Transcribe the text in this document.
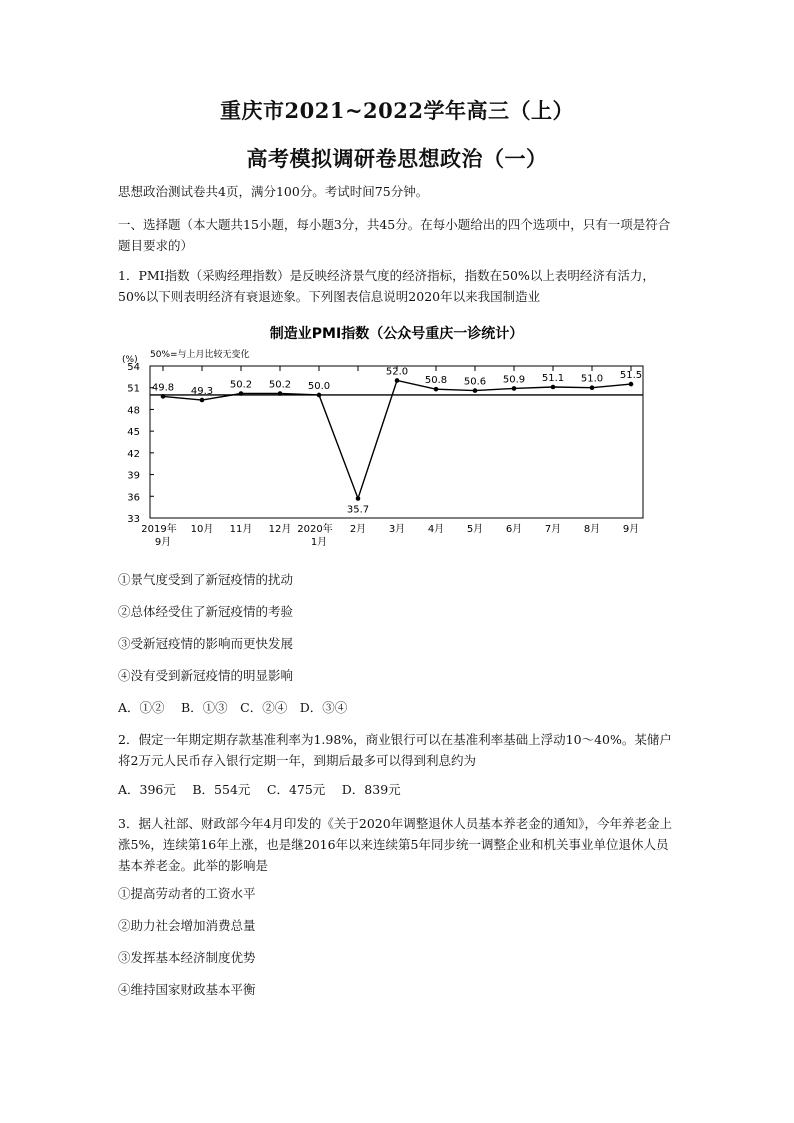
重庆市2021~2022学年高三（上）
高考模拟调研卷思想政治（一）
思想政治测试卷共4页，满分100分。考试时间75分钟。
一、选择题（本大题共15小题，每小题3分，共45分。在每小题给出的四个选项中，只有一项是符合题目要求的）
1．PMI指数（采购经理指数）是反映经济景气度的经济指标，指数在50%以上表明经济有活力，50%以下则表明经济有衰退迹象。下列图表信息说明2020年以来我国制造业
制造业PMI指数（公众号重庆一诊统计）
(%) 50%=与上月比较无变化
33
36
39
42
45
48
51
54
2019年
9月
10月 11月 12月 2020年
1月
2月 3月 4月 5月 6月 7月 8月 9月
49.8 49.3
50.2 50.2 50.0
35.7
52.0
50.8 50.6 50.9 51.1 51.0 51.5
①景气度受到了新冠疫情的扰动
②总体经受住了新冠疫情的考验
③受新冠疫情的影响而更快发展
④没有受到新冠疫情的明显影响
A．①②　 B．①③　C．②④　D．③④
2．假定一年期定期存款基准利率为1.98%，商业银行可以在基准利率基础上浮动10～40%。某储户将2万元人民币存入银行定期一年，到期后最多可以得到利息约为
A．396元　 B．554元　 C．475元　 D．839元
3．据人社部、财政部今年4月印发的《关于2020年调整退休人员基本养老金的通知》，今年养老金上涨5%，连续第16年上涨，也是继2016年以来连续第5年同步统一调整企业和机关事业单位退休人员基本养老金。此举的影响是
①提高劳动者的工资水平
②助力社会增加消费总量
③发挥基本经济制度优势
④维持国家财政基本平衡
